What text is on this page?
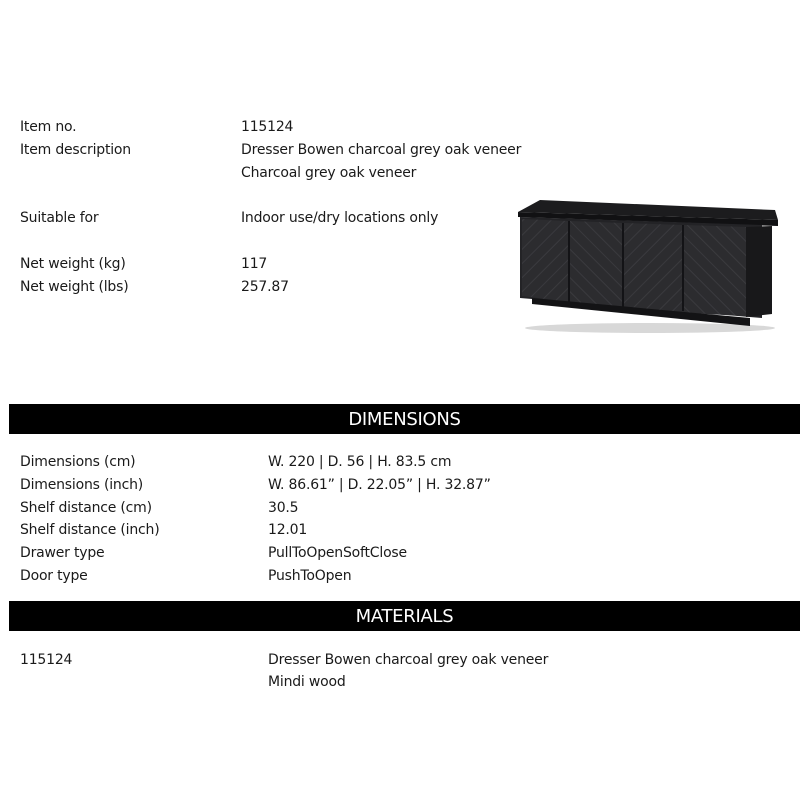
Item no.	115124
Item description	Dresser Bowen charcoal grey oak veneer
Charcoal grey oak veneer
Suitable for	Indoor use/dry locations only
Net weight (kg)	117
Net weight (lbs)	257.87
DIMENSIONS
Dimensions (cm)	W. 220 | D. 56 | H. 83.5 cm
Dimensions (inch)	W. 86.61” | D. 22.05” | H. 32.87”
Shelf distance (cm)	30.5
Shelf distance (inch)	12.01
Drawer type	PullToOpenSoftClose
Door type	PushToOpen
MATERIALS
115124	Dresser Bowen charcoal grey oak veneer
Mindi wood
